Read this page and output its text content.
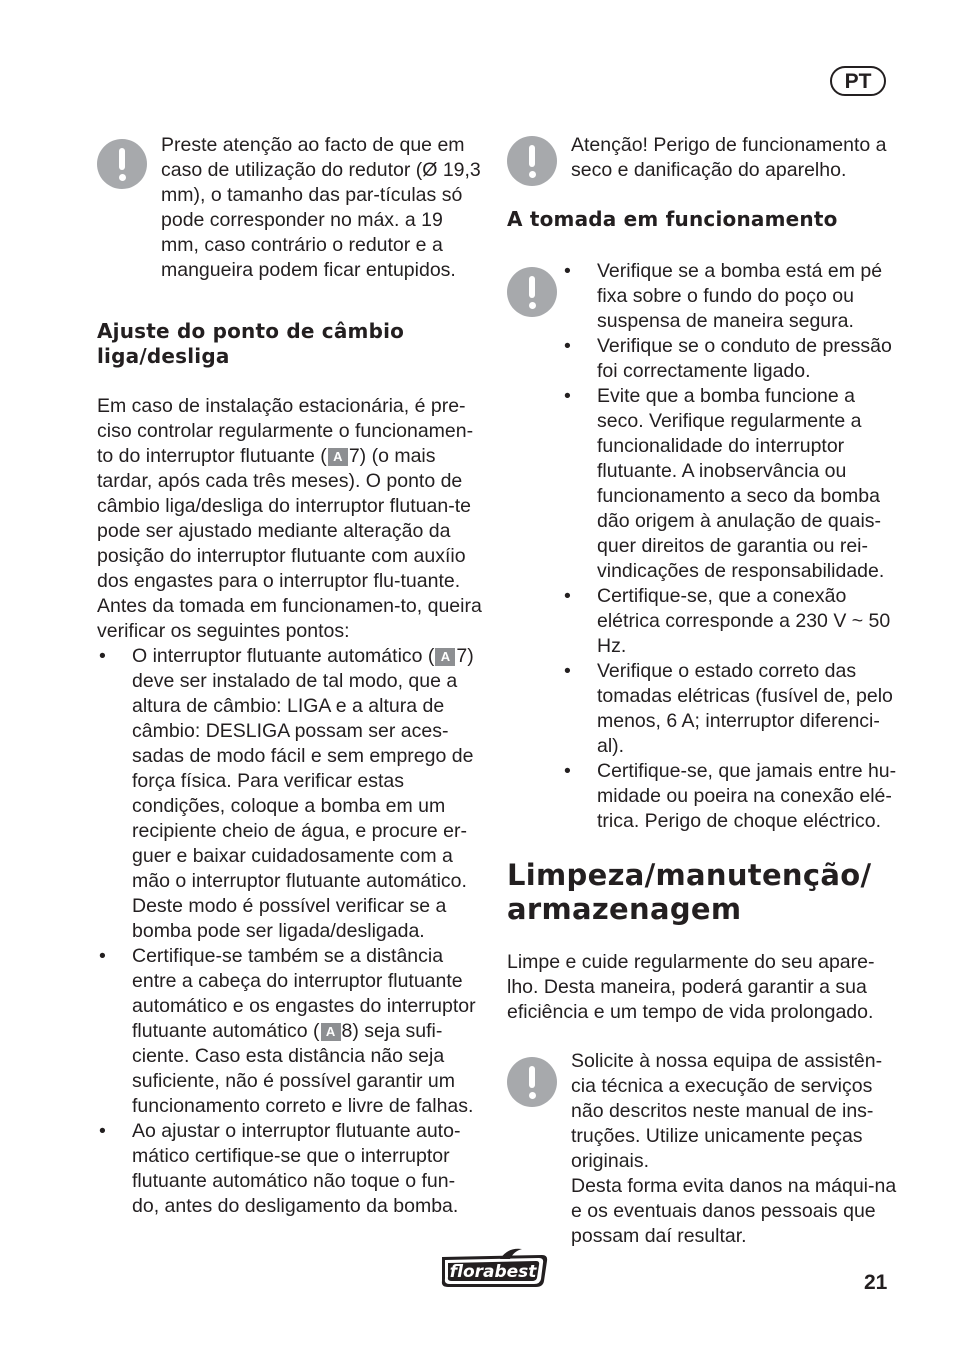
PT

Preste atenção ao facto de que em caso de utilização do redutor (Ø 19,3 mm), o tamanho das par-tículas só pode corresponder no máx. a 19 mm, caso contrário o redutor e a mangueira podem ficar entupidos.

Ajuste do ponto de câmbio liga/desliga

Em caso de instalação estacionária, é pre-ciso controlar regularmente o funcionamen-to do interruptor flutuante ( A 7) (o mais tardar, após cada três meses). O ponto de câmbio liga/desliga do interruptor flutuan-te pode ser ajustado mediante alteração da posição do interruptor flutuante com auxíio dos engastes para o interruptor flu-tuante. Antes da tomada em funcionamen-to, queira verificar os seguintes pontos:

• O interruptor flutuante automático ( A 7) deve ser instalado de tal modo, que a altura de câmbio: LIGA e a altura de câmbio: DESLIGA possam ser aces-sadas de modo fácil e sem emprego de força física. Para verificar estas condições, coloque a bomba em um recipiente cheio de água, e procure er-guer e baixar cuidadosamente com a mão o interruptor flutuante automático. Deste modo é possível verificar se a bomba pode ser ligada/desligada.
• Certifique-se também se a distância entre a cabeça do interruptor flutuante automático e os engastes do interruptor flutuante automático ( A 8) seja sufi-ciente. Caso esta distância não seja suficiente, não é possível garantir um funcionamento correto e livre de falhas.
• Ao ajustar o interruptor flutuante auto-mático certifique-se que o interruptor flutuante automático não toque o fun-do, antes do desligamento da bomba.

Atenção! Perigo de funcionamento a seco e danificação do aparelho.

A tomada em funcionamento
• Verifique se a bomba está em pé fixa sobre o fundo do poço ou suspensa de maneira segura.
• Verifique se o conduto de pressão foi correctamente ligado.
• Evite que a bomba funcione a seco. Verifique regularmente a funcionalidade do interruptor flutuante. A inobservância ou funcionamento a seco da bomba dão origem à anulação de quais-quer direitos de garantia ou rei-vindicações de responsabilidade.
• Certifique-se, que a conexão elétrica corresponde a 230 V ~ 50 Hz.
• Verifique o estado correto das tomadas elétricas (fusível de, pelo menos, 6 A; interruptor diferenci-al).
• Certifique-se, que jamais entre hu-midade ou poeira na conexão elé-trica. Perigo de choque eléctrico.
Limpeza/manutenção/ armazenagem

Limpe e cuide regularmente do seu apare-lho. Desta maneira, poderá garantir a sua eficiência e um tempo de vida prolongado.

Solicite à nossa equipa de assistên-cia técnica a execução de serviços não descritos neste manual de ins-truções. Utilize unicamente peças originais.

Desta forma evita danos na máqui-na e os eventuais danos pessoais que possam daí resultar.

florabest	21
